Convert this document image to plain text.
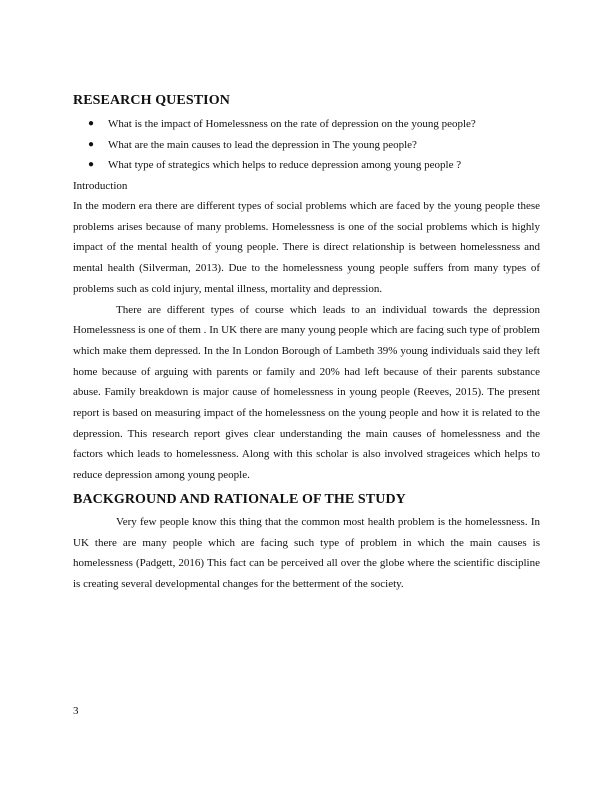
RESEARCH QUESTION
● What is the impact of Homelessness on the rate of depression on the young people?
● What are the main causes to lead the depression in The young people?
● What type of strategics which helps to reduce depression among young people ?
Introduction

In the modern era there are different types of social problems which are faced by the young people these problems arises because of many problems. Homelessness is one of the social problems which is highly impact of the mental health of young people. There is direct relationship is between homelessness and mental health (Silverman, 2013). Due to the homelessness young people suffers from many types of problems such as cold injury, mental illness, mortality and depression.

There are different types of course which leads to an individual towards the depression Homelessness is one of them . In UK there are many young people which are facing such type of problem which make them depressed. In the In London Borough of Lambeth 39% young individuals said they left home because of arguing with parents or family and 20% had left because of their parents substance abuse. Family breakdown is major cause of homelessness in young people (Reeves, 2015). The present report is based on measuring impact of the homelessness on the young people and how it is related to the depression. This research report gives clear understanding the main causes of homelessness and the factors which leads to homelessness. Along with this scholar is also involved strageices which helps to reduce depression among young people.

BACKGROUND AND RATIONALE OF THE STUDY

Very few people know this thing that the common most health problem is the homelessness. In UK there are many people which are facing such type of problem in which the main causes is homelessness (Padgett, 2016) This fact can be perceived all over the globe where the scientific discipline is creating several developmental changes for the betterment of the society.

3
